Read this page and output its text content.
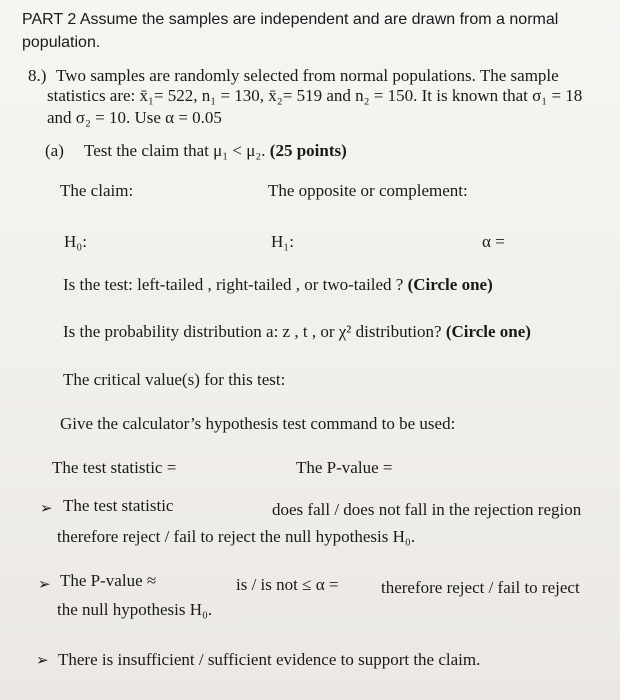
PART 2 Assume the samples are independent and are drawn from a normal
population.
8.) Two samples are randomly selected from normal populations. The sample
statistics are: x̄₁= 522, n₁ = 130, x̄₂= 519 and n₂ = 150. It is known that σ₁ = 18
and σ₂ = 10. Use α = 0.05
(a) Test the claim that μ₁ < μ₂. (25 points)
The claim:	The opposite or complement:
H₀:	H₁:	α =
Is the test: left-tailed , right-tailed , or two-tailed ? (Circle one)
Is the probability distribution a: z , t , or χ² distribution? (Circle one)
The critical value(s) for this test:
Give the calculator’s hypothesis test command to be used:
The test statistic =	The P-value =
➢ The test statistic	does fall / does not fall in the rejection region
therefore reject / fail to reject the null hypothesis H₀.
➢ The P-value ≈	is / is not ≤ α =	therefore reject / fail to reject
the null hypothesis H₀.
➢ There is insufficient / sufficient evidence to support the claim.
